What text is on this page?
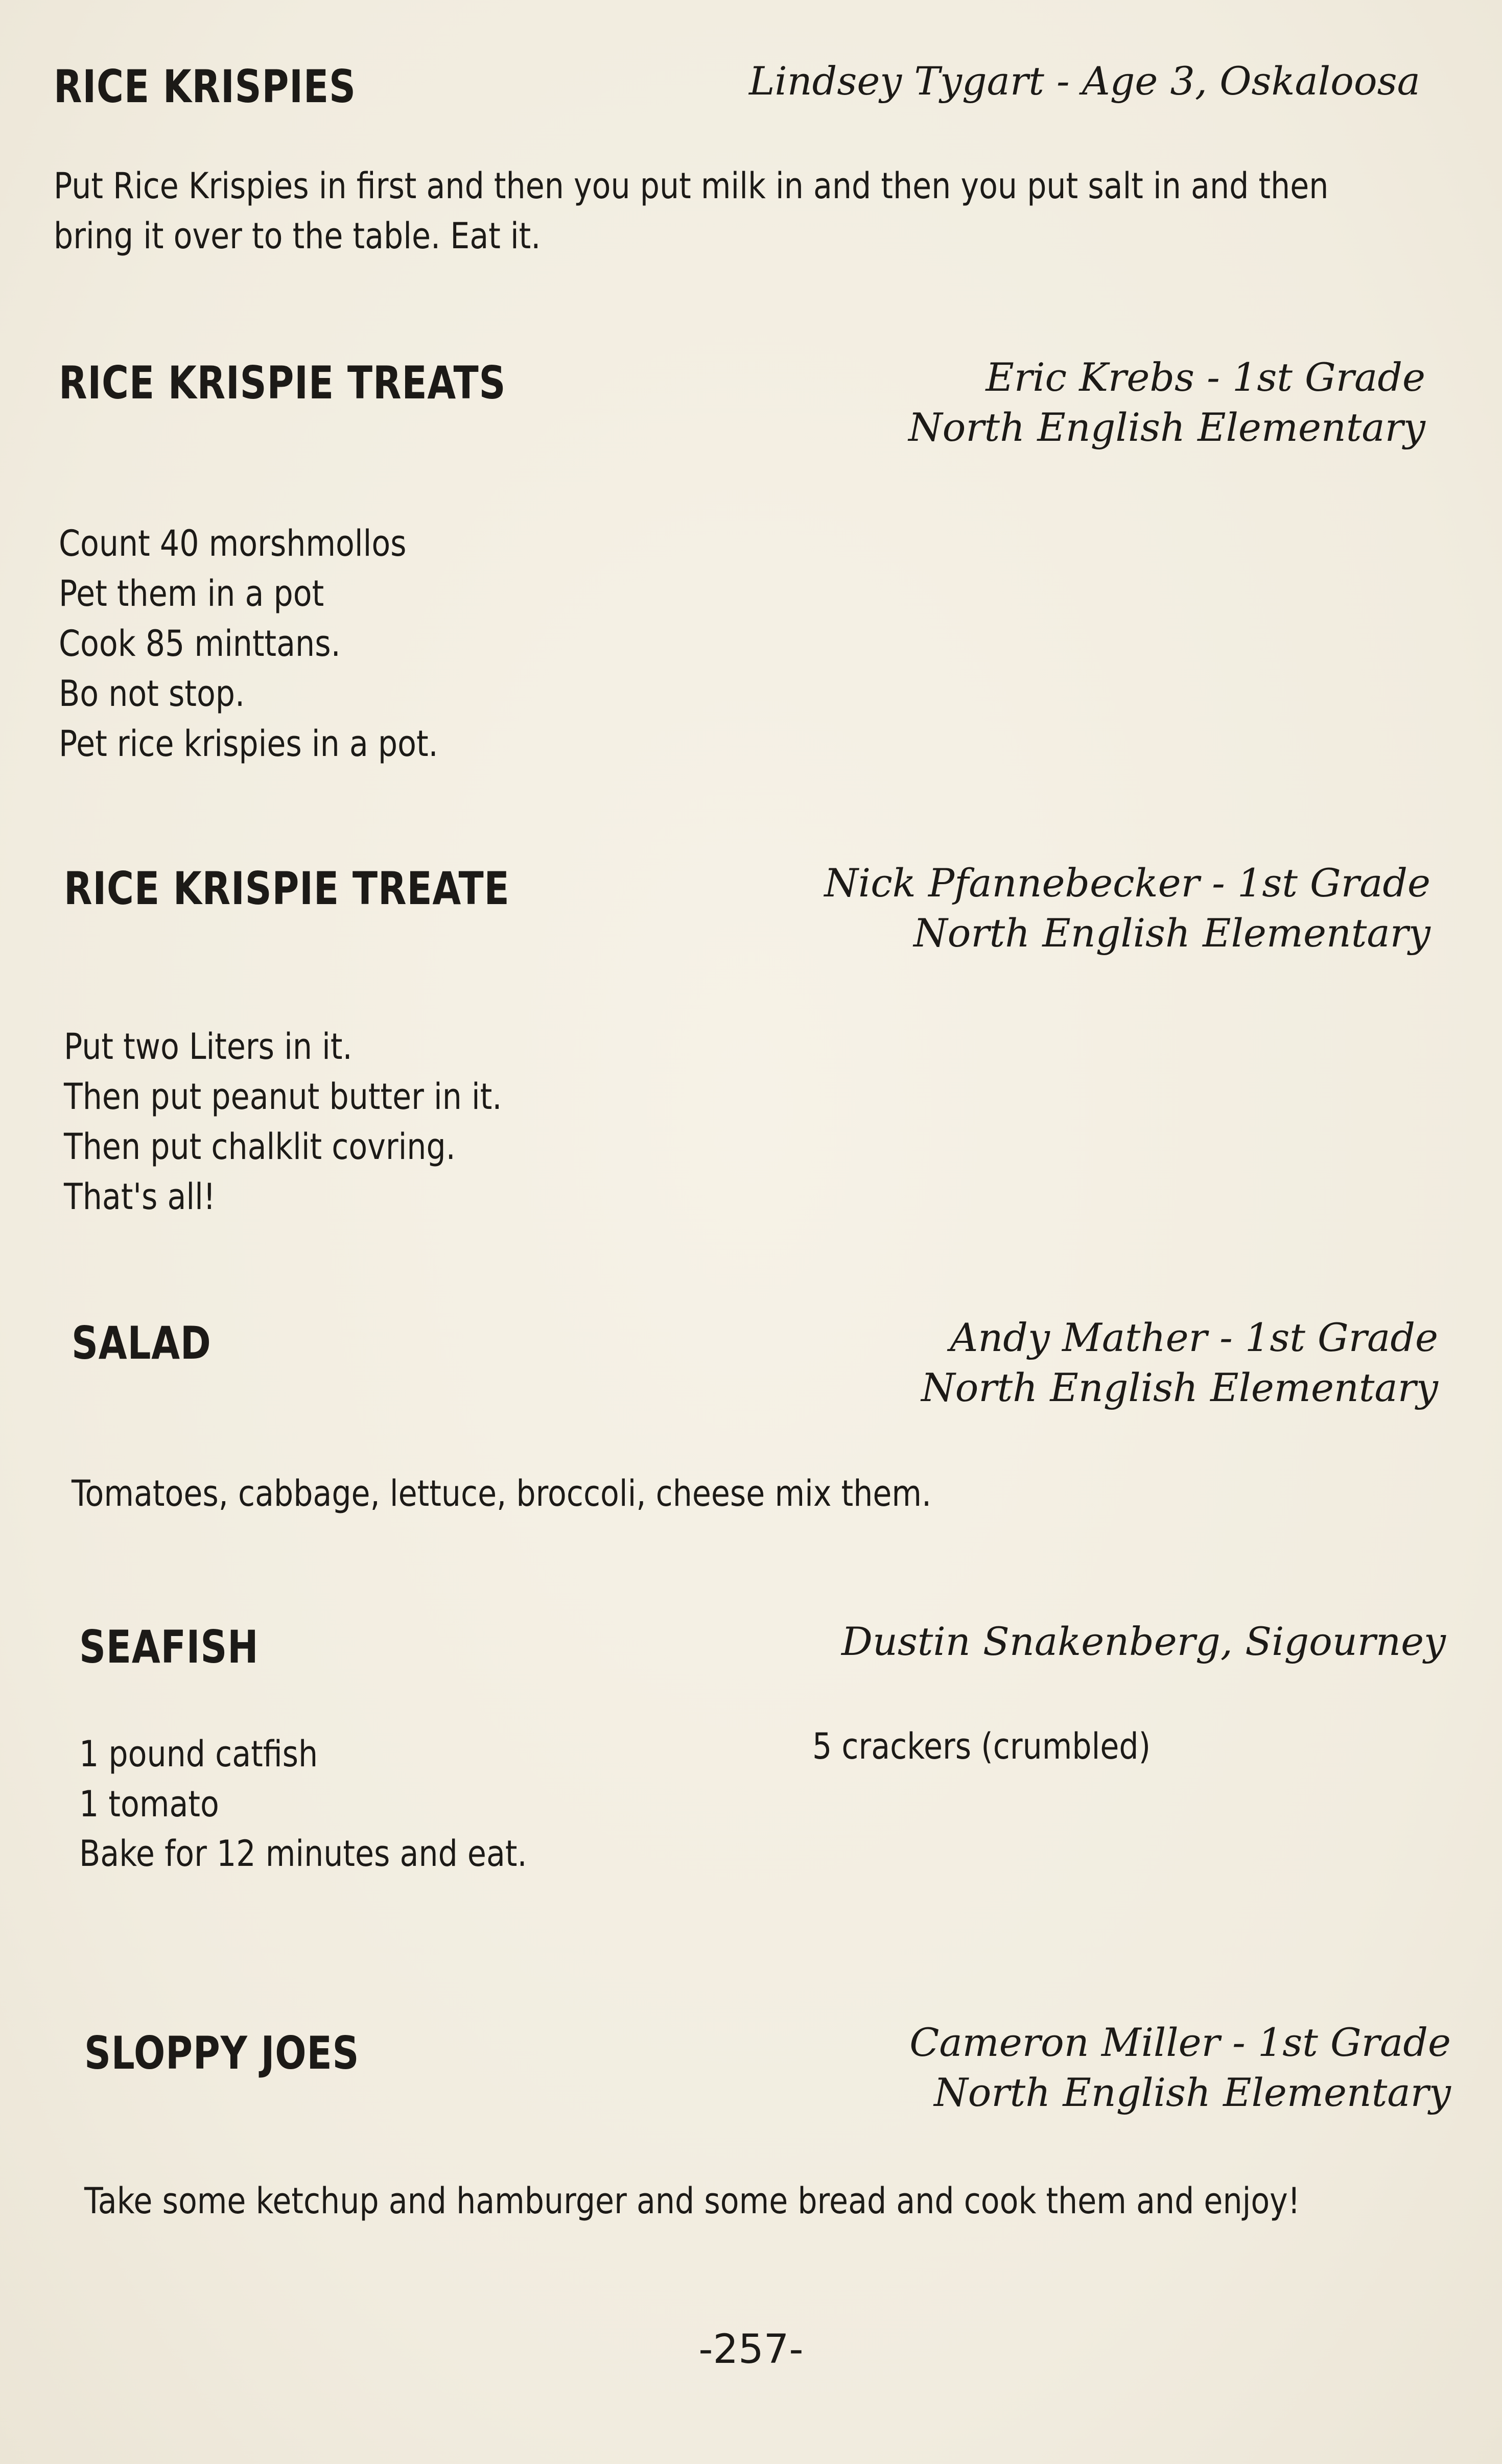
RICE KRISPIES	Lindsey Tygart - Age 3, Oskaloosa
Put Rice Krispies in first and then you put milk in and then you put salt in and then
bring it over to the table. Eat it.
RICE KRISPIE TREATS	Eric Krebs - 1st Grade
North English Elementary
Count 40 morshmollos
Pet them in a pot
Cook 85 minttans.
Bo not stop.
Pet rice krispies in a pot.
RICE KRISPIE TREATE	Nick Pfannebecker - 1st Grade
North English Elementary
Put two Liters in it.
Then put peanut butter in it.
Then put chalklit covring.
That's all!
SALAD	Andy Mather - 1st Grade
North English Elementary
Tomatoes, cabbage, lettuce, broccoli, cheese mix them.
SEAFISH	Dustin Snakenberg, Sigourney
1 pound catfish
1 tomato
5 crackers (crumbled)
Bake for 12 minutes and eat.
SLOPPY JOES	Cameron Miller - 1st Grade
North English Elementary
Take some ketchup and hamburger and some bread and cook them and enjoy!
-257-
